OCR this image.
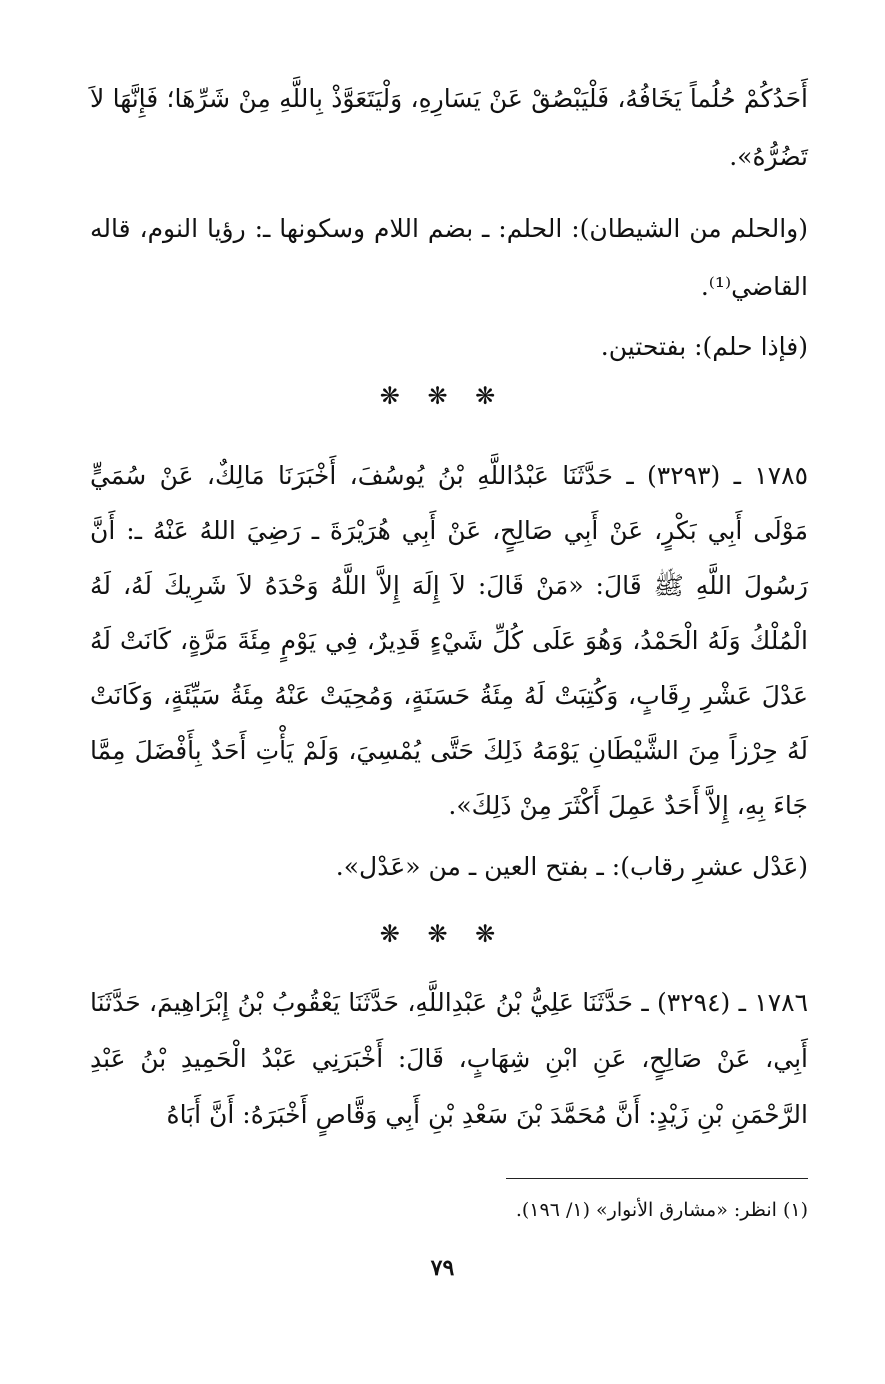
أَحَدُكُمْ حُلُماً يَخَافُهُ، فَلْيَبْصُقْ عَنْ يَسَارِهِ، وَلْيَتَعَوَّذْ بِاللَّهِ مِنْ شَرِّهَا؛ فَإِنَّهَا لاَ تَضُرُّهُ».

(والحلم من الشيطان): الحلم: ـ بضم اللام وسكونها ـ: رؤيا النوم، قاله القاضي⁽¹⁾.

(فإذا حلم): بفتحتين.

❋ ❋ ❋

١٧٨٥ ـ (٣٢٩٣) ـ حَدَّثَنَا عَبْدُاللَّهِ بْنُ يُوسُفَ، أَخْبَرَنَا مَالِكٌ، عَنْ سُمَيٍّ مَوْلَى أَبِي بَكْرٍ، عَنْ أَبِي صَالِحٍ، عَنْ أَبِي هُرَيْرَةَ ـ رَضِيَ اللهُ عَنْهُ ـ: أَنَّ رَسُولَ اللَّهِ ﷺ قَالَ: «مَنْ قَالَ: لاَ إِلَهَ إِلاَّ اللَّهُ وَحْدَهُ لاَ شَرِيكَ لَهُ، لَهُ الْمُلْكُ وَلَهُ الْحَمْدُ، وَهُوَ عَلَى كُلِّ شَيْءٍ قَدِيرٌ، فِي يَوْمٍ مِئَةَ مَرَّةٍ، كَانَتْ لَهُ عَدْلَ عَشْرِ رِقَابٍ، وَكُتِبَتْ لَهُ مِئَةُ حَسَنَةٍ، وَمُحِيَتْ عَنْهُ مِئَةُ سَيِّئَةٍ، وَكَانَتْ لَهُ حِرْزاً مِنَ الشَّيْطَانِ يَوْمَهُ ذَلِكَ حَتَّى يُمْسِيَ، وَلَمْ يَأْتِ أَحَدٌ بِأَفْضَلَ مِمَّا جَاءَ بِهِ، إِلاَّ أَحَدٌ عَمِلَ أَكْثَرَ مِنْ ذَلِكَ».

(عَدْل عشرِ رقاب): ـ بفتح العين ـ من «عَدْل».

❋ ❋ ❋

١٧٨٦ ـ (٣٢٩٤) ـ حَدَّثَنَا عَلِيُّ بْنُ عَبْدِاللَّهِ، حَدَّثَنَا يَعْقُوبُ بْنُ إِبْرَاهِيمَ، حَدَّثَنَا أَبِي، عَنْ صَالِحٍ، عَنِ ابْنِ شِهَابٍ، قَالَ: أَخْبَرَنِي عَبْدُ الْحَمِيدِ بْنُ عَبْدِ الرَّحْمَنِ بْنِ زَيْدٍ: أَنَّ مُحَمَّدَ بْنَ سَعْدِ بْنِ أَبِي وَقَّاصٍ أَخْبَرَهُ: أَنَّ أَبَاهُ

(١) انظر: «مشارق الأنوار» (١/ ١٩٦).

٧٩
